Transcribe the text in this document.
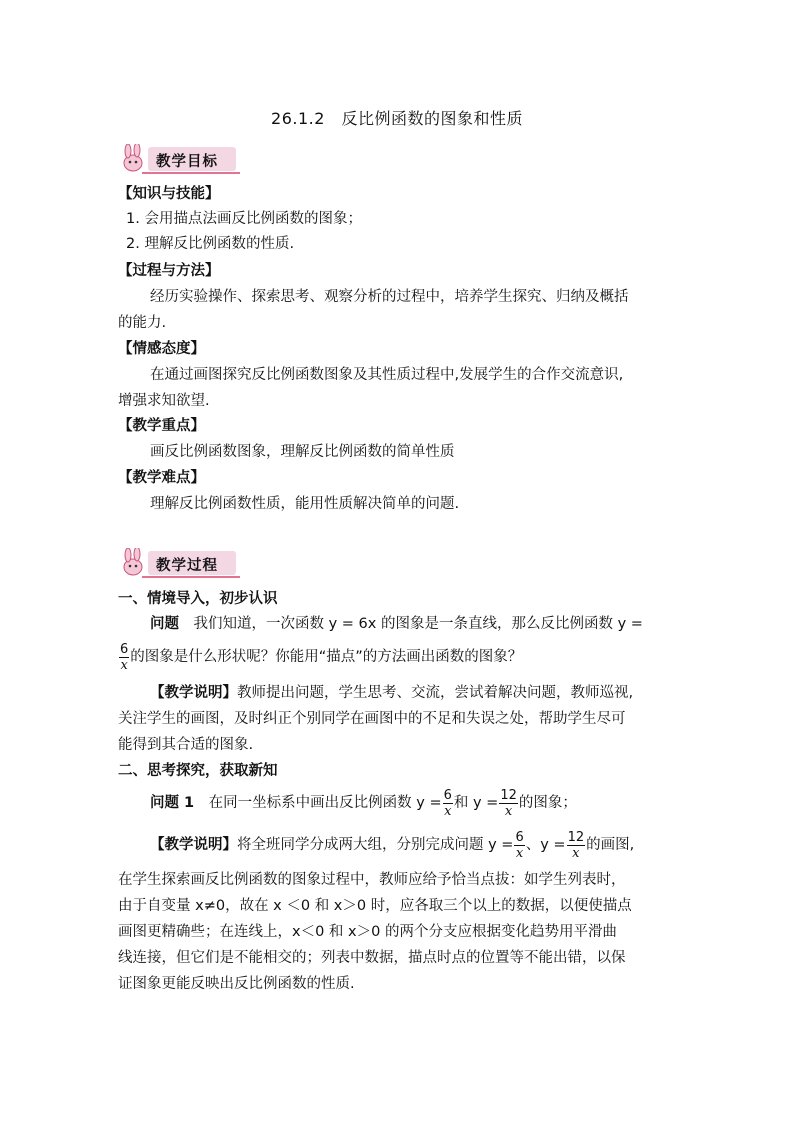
26.1.2　反比例函数的图象和性质
教学目标
【知识与技能】
1. 会用描点法画反比例函数的图象；
2. 理解反比例函数的性质.
【过程与方法】
经历实验操作、探索思考、观察分析的过程中，培养学生探究、归纳及概括
的能力.
【情感态度】
在通过画图探究反比例函数图象及其性质过程中,发展学生的合作交流意识,
增强求知欲望.
【教学重点】
画反比例函数图象，理解反比例函数的简单性质
【教学难点】
理解反比例函数性质，能用性质解决简单的问题.
教学过程
一、情境导入，初步认识
问题　我们知道，一次函数 y = 6x 的图象是一条直线，那么反比例函数 y =
$\frac{6}{x}$ 的图象是什么形状呢？你能用“描点”的方法画出函数的图象？
【教学说明】教师提出问题，学生思考、交流，尝试着解决问题，教师巡视,
关注学生的画图，及时纠正个别同学在画图中的不足和失误之处，帮助学生尽可
能得到其合适的图象.
二、思考探究，获取新知
问题 1　在同一坐标系中画出反比例函数 $y = \frac{6}{x}$ 和 $y = \frac{12}{x}$ 的图象；
【教学说明】将全班同学分成两大组，分别完成问题 $y = \frac{6}{x}$ 、$y = \frac{12}{x}$ 的画图,
在学生探索画反比例函数的图象过程中，教师应给予恰当点拔：如学生列表时，
由于自变量 x≠0，故在 x ＜0 和 x＞0 时，应各取三个以上的数据，以便使描点
画图更精确些；在连线上，x＜0 和 x＞0 的两个分支应根据变化趋势用平滑曲
线连接，但它们是不能相交的；列表中数据，描点时点的位置等不能出错，以保
证图象更能反映出反比例函数的性质.
